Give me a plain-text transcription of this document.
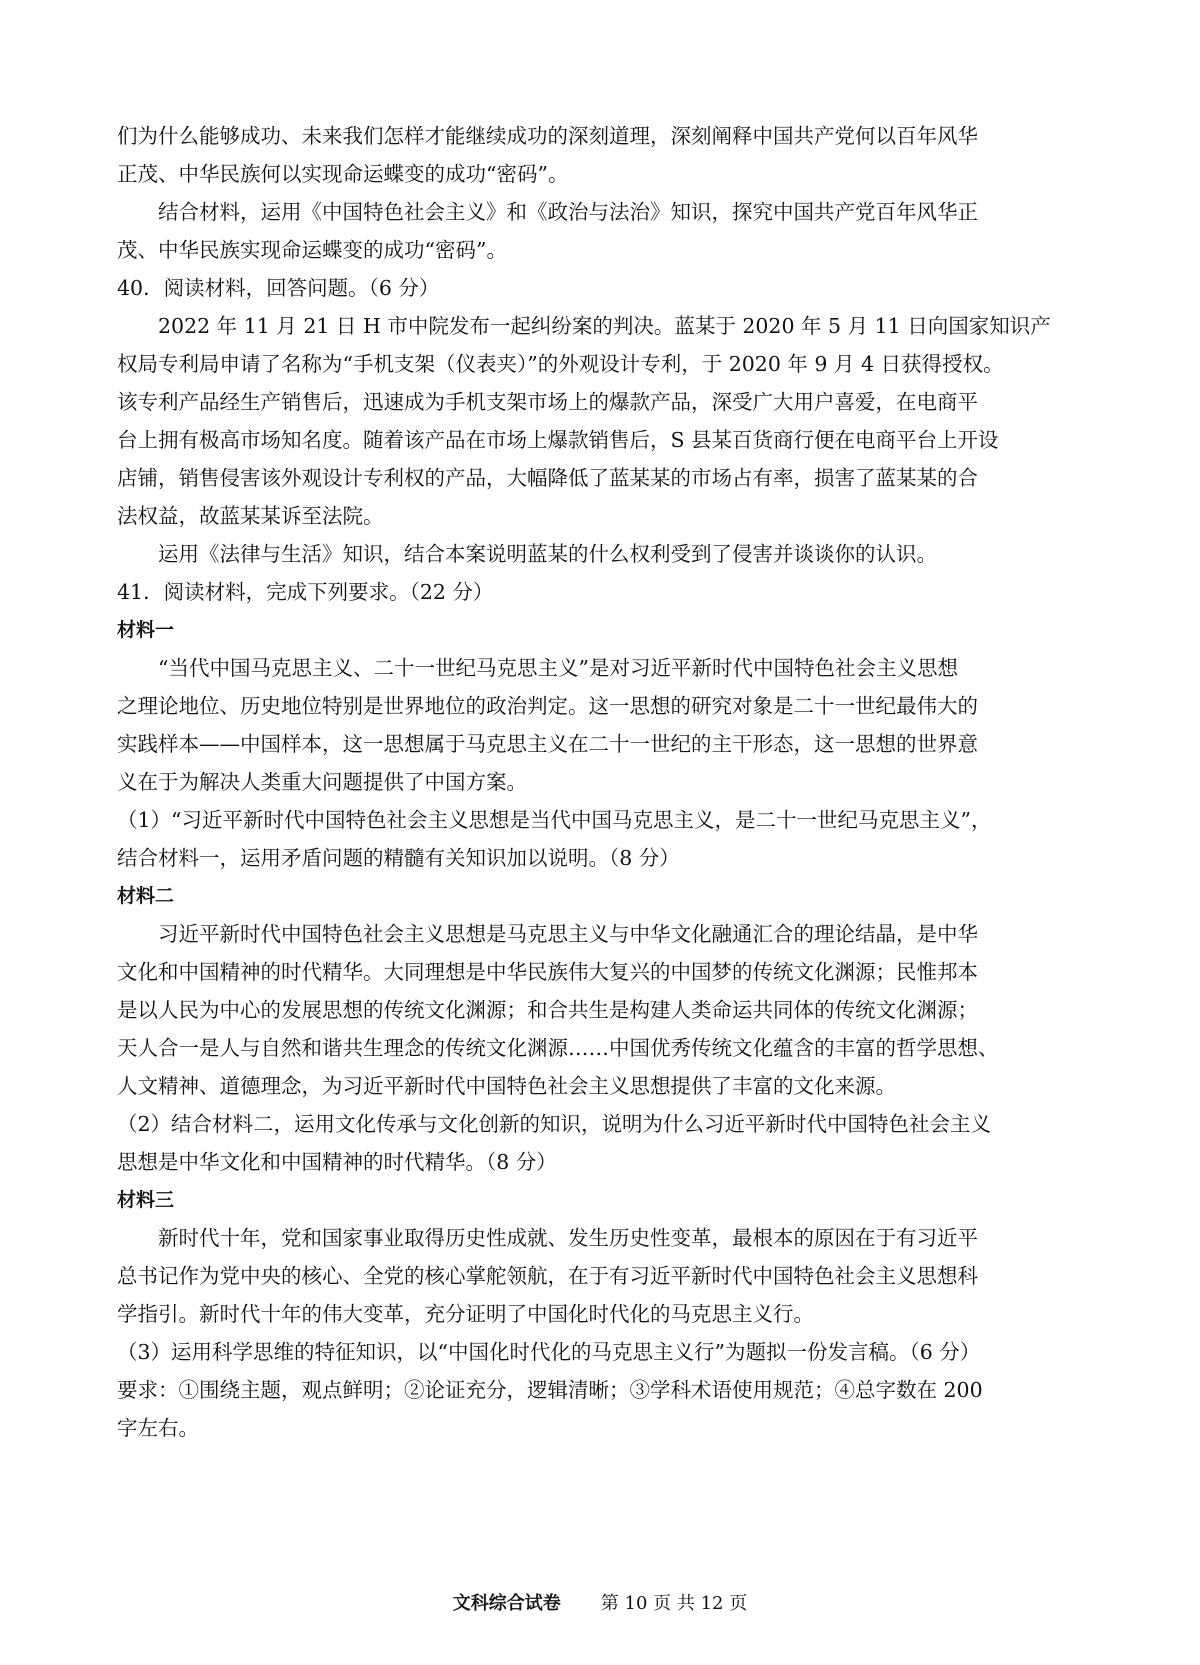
们为什么能够成功、未来我们怎样才能继续成功的深刻道理，深刻阐释中国共产党何以百年风华
正茂、中华民族何以实现命运蝶变的成功“密码”。
结合材料，运用《中国特色社会主义》和《政治与法治》知识，探究中国共产党百年风华正
茂、中华民族实现命运蝶变的成功“密码”。
40．阅读材料，回答问题。（6 分）
2022 年 11 月 21 日 H 市中院发布一起纠纷案的判决。蓝某于 2020 年 5 月 11 日向国家知识产
权局专利局申请了名称为“手机支架（仪表夹）”的外观设计专利，于 2020 年 9 月 4 日获得授权。
该专利产品经生产销售后，迅速成为手机支架市场上的爆款产品，深受广大用户喜爱，在电商平
台上拥有极高市场知名度。随着该产品在市场上爆款销售后，S 县某百货商行便在电商平台上开设
店铺，销售侵害该外观设计专利权的产品，大幅降低了蓝某某的市场占有率，损害了蓝某某的合
法权益，故蓝某某诉至法院。
运用《法律与生活》知识，结合本案说明蓝某的什么权利受到了侵害并谈谈你的认识。
41．阅读材料，完成下列要求。（22 分）
材料一
“当代中国马克思主义、二十一世纪马克思主义”是对习近平新时代中国特色社会主义思想
之理论地位、历史地位特别是世界地位的政治判定。这一思想的研究对象是二十一世纪最伟大的
实践样本——中国样本，这一思想属于马克思主义在二十一世纪的主干形态，这一思想的世界意
义在于为解决人类重大问题提供了中国方案。
（1）“习近平新时代中国特色社会主义思想是当代中国马克思主义，是二十一世纪马克思主义”，
结合材料一，运用矛盾问题的精髓有关知识加以说明。（8 分）
材料二
习近平新时代中国特色社会主义思想是马克思主义与中华文化融通汇合的理论结晶，是中华
文化和中国精神的时代精华。大同理想是中华民族伟大复兴的中国梦的传统文化渊源；民惟邦本
是以人民为中心的发展思想的传统文化渊源；和合共生是构建人类命运共同体的传统文化渊源；
天人合一是人与自然和谐共生理念的传统文化渊源……中国优秀传统文化蕴含的丰富的哲学思想、
人文精神、道德理念，为习近平新时代中国特色社会主义思想提供了丰富的文化来源。
（2）结合材料二，运用文化传承与文化创新的知识，说明为什么习近平新时代中国特色社会主义
思想是中华文化和中国精神的时代精华。（8 分）
材料三
新时代十年，党和国家事业取得历史性成就、发生历史性变革，最根本的原因在于有习近平
总书记作为党中央的核心、全党的核心掌舵领航，在于有习近平新时代中国特色社会主义思想科
学指引。新时代十年的伟大变革，充分证明了中国化时代化的马克思主义行。
（3）运用科学思维的特征知识，以“中国化时代化的马克思主义行”为题拟一份发言稿。（6 分）
要求：①围绕主题，观点鲜明；②论证充分，逻辑清晰；③学科术语使用规范；④总字数在 200
字左右。
文科综合试卷 第 10 页 共 12 页
